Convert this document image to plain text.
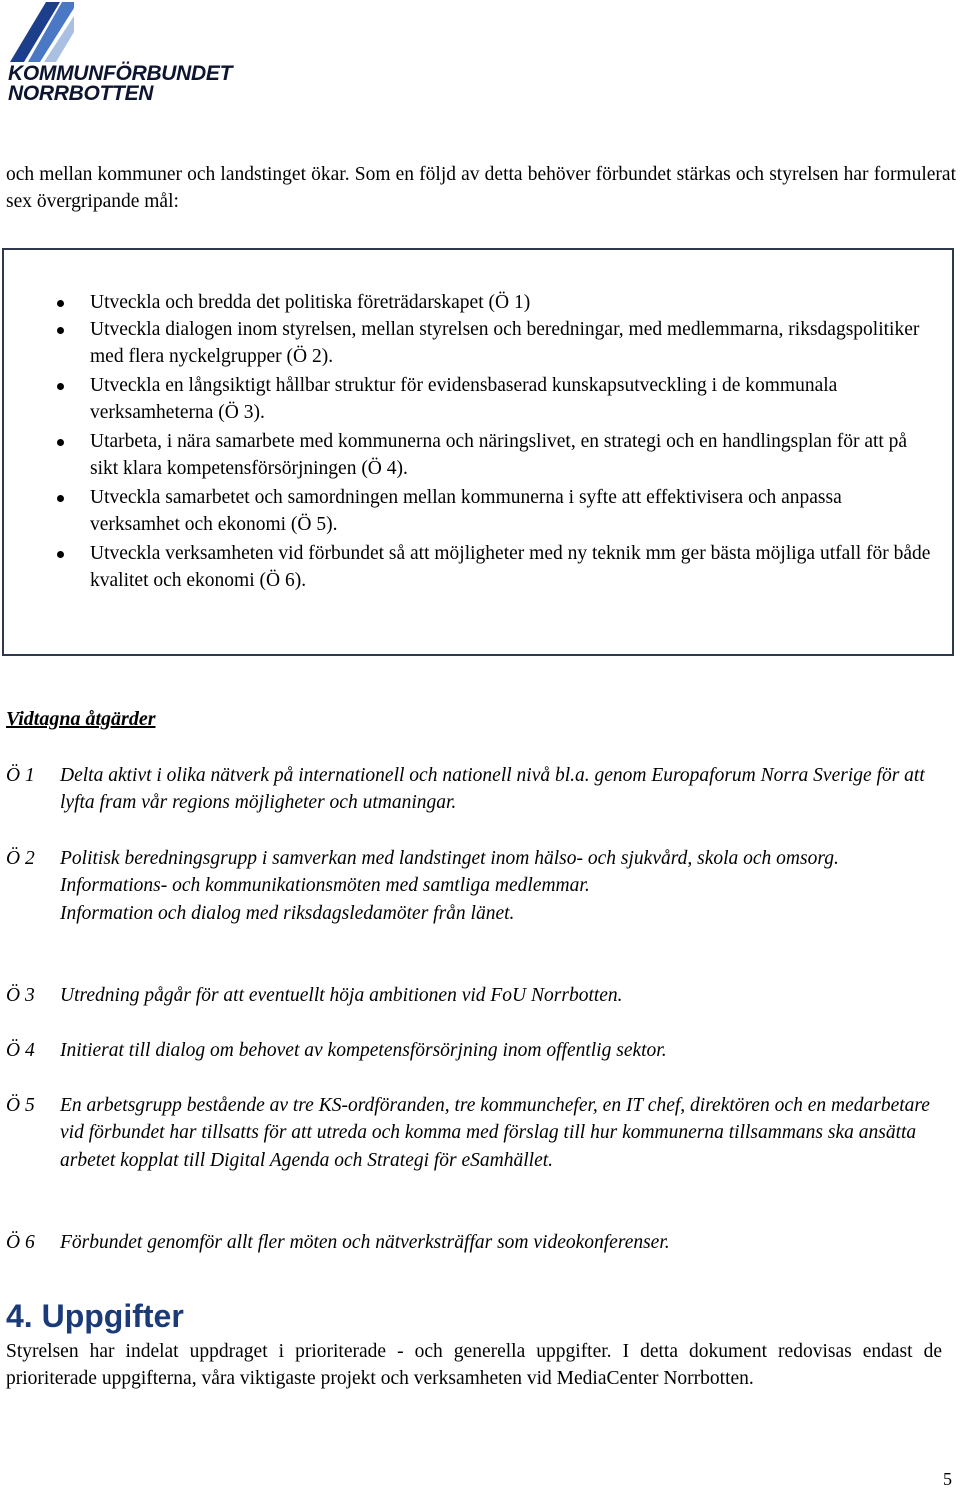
KOMMUNFÖRBUNDET
NORRBOTTEN

och mellan kommuner och landstinget ökar. Som en följd av detta behöver förbundet stärkas och styrelsen har formulerat sex övergripande mål:

Utveckla och bredda det politiska företrädarskapet (Ö 1)
Utveckla dialogen inom styrelsen, mellan styrelsen och beredningar, med medlemmarna, riksdagspolitiker med flera nyckelgrupper (Ö 2).
Utveckla en långsiktigt hållbar struktur för evidensbaserad kunskapsutveckling i de kommunala verksamheterna (Ö 3).
Utarbeta, i nära samarbete med kommunerna och näringslivet, en strategi och en handlingsplan för att på sikt klara kompetensförsörjningen (Ö 4).
Utveckla samarbetet och samordningen mellan kommunerna i syfte att effektivisera och anpassa verksamhet och ekonomi (Ö 5).
Utveckla verksamheten vid förbundet så att möjligheter med ny teknik mm ger bästa möjliga utfall för både kvalitet och ekonomi (Ö 6).
Vidtagna åtgärder
Ö 1	Delta aktivt i olika nätverk på internationell och nationell nivå bl.a. genom Europaforum Norra Sverige för att lyfta fram vår regions möjligheter och utmaningar.
Ö 2	Politisk beredningsgrupp i samverkan med landstinget inom hälso- och sjukvård, skola och omsorg.
Informations- och kommunikationsmöten med samtliga medlemmar.
Information och dialog med riksdagsledamöter från länet.
Ö 3	Utredning pågår för att eventuellt höja ambitionen vid FoU Norrbotten.
Ö 4	Initierat till dialog om behovet av kompetensförsörjning inom offentlig sektor.
Ö 5	En arbetsgrupp bestående av tre KS-ordföranden, tre kommunchefer, en IT chef, direktören och en medarbetare vid förbundet har tillsatts för att utreda och komma med förslag till hur kommunerna tillsammans ska ansätta arbetet kopplat till Digital Agenda och Strategi för eSamhället.
Ö 6	Förbundet genomför allt fler möten och nätverksträffar som videokonferenser.
4. Uppgifter

Styrelsen har indelat uppdraget i prioriterade - och generella uppgifter. I detta dokument redovisas endast de prioriterade uppgifterna, våra viktigaste projekt och verksamheten vid MediaCenter Norrbotten.

5
